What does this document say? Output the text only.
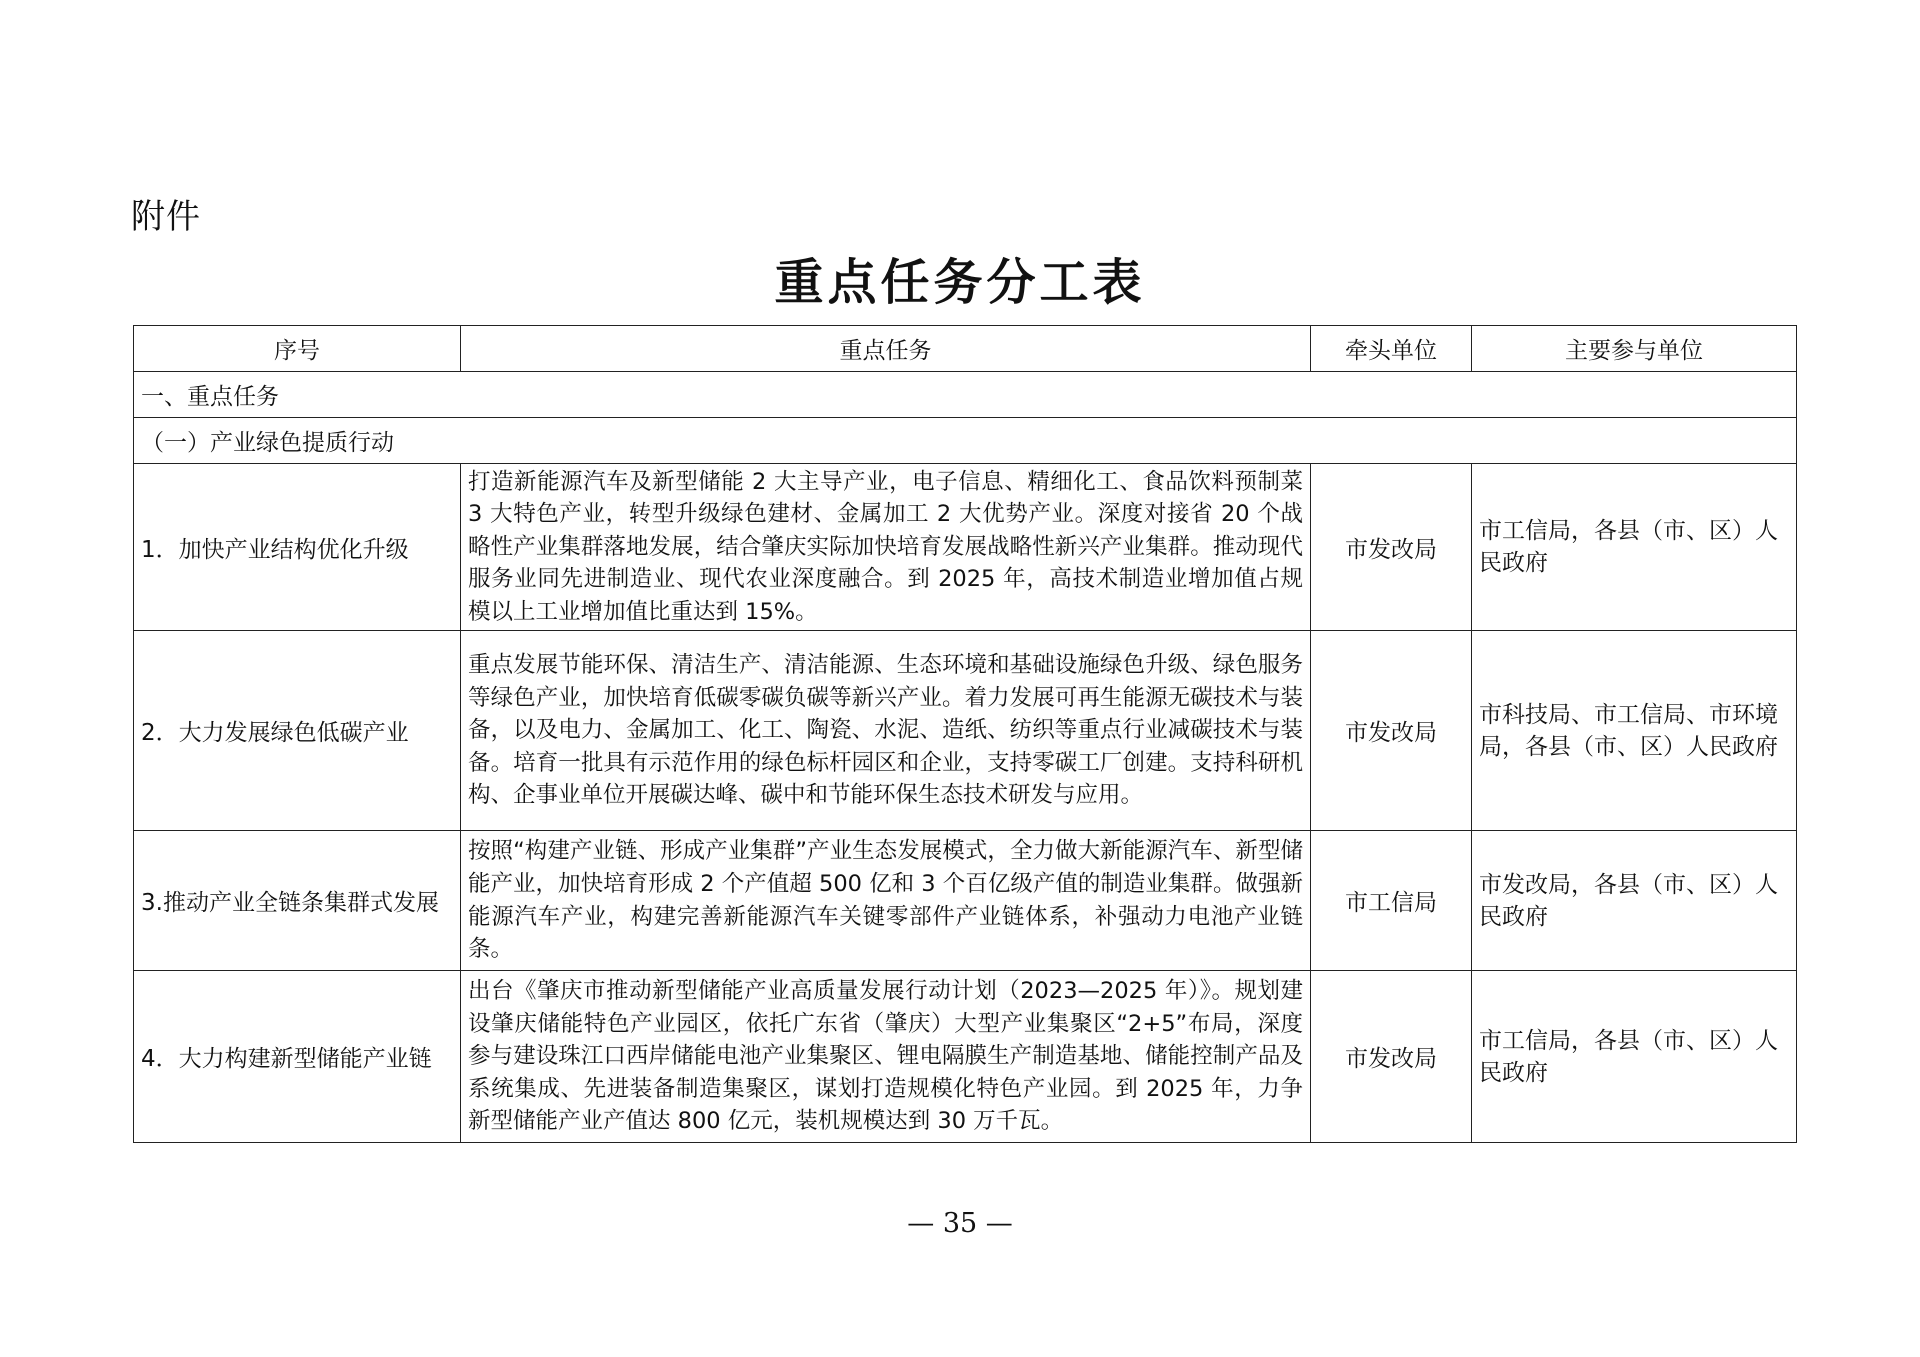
附件
重点任务分工表
序号	重点任务	牵头单位	主要参与单位
一、重点任务			
（一）产业绿色提质行动			
1．加快产业结构优化升级	打造新能源汽车及新型储能 2 大主导产业，电子信息、精细化工、食品饮料预制菜 3 大特色产业，转型升级绿色建材、金属加工 2 大优势产业。深度对接省 20 个战略性产业集群落地发展，结合肇庆实际加快培育发展战略性新兴产业集群。推动现代服务业同先进制造业、现代农业深度融合。到 2025 年，高技术制造业增加值占规模以上工业增加值比重达到 15%。	市发改局	市工信局，各县（市、区）人民政府
2．大力发展绿色低碳产业	重点发展节能环保、清洁生产、清洁能源、生态环境和基础设施绿色升级、绿色服务等绿色产业，加快培育低碳零碳负碳等新兴产业。着力发展可再生能源无碳技术与装备，以及电力、金属加工、化工、陶瓷、水泥、造纸、纺织等重点行业减碳技术与装备。培育一批具有示范作用的绿色标杆园区和企业，支持零碳工厂创建。支持科研机构、企事业单位开展碳达峰、碳中和节能环保生态技术研发与应用。	市发改局	市科技局、市工信局、市环境局，各县（市、区）人民政府
3.推动产业全链条集群式发展	按照“构建产业链、形成产业集群”产业生态发展模式，全力做大新能源汽车、新型储能产业，加快培育形成 2 个产值超 500 亿和 3 个百亿级产值的制造业集群。做强新能源汽车产业，构建完善新能源汽车关键零部件产业链体系，补强动力电池产业链条。	市工信局	市发改局，各县（市、区）人民政府
4．大力构建新型储能产业链	出台《肇庆市推动新型储能产业高质量发展行动计划（2023—2025 年）》。规划建设肇庆储能特色产业园区，依托广东省（肇庆）大型产业集聚区“2+5”布局，深度参与建设珠江口西岸储能电池产业集聚区、锂电隔膜生产制造基地、储能控制产品及系统集成、先进装备制造集聚区，谋划打造规模化特色产业园。到 2025 年，力争新型储能产业产值达 800 亿元，装机规模达到 30 万千瓦。	市发改局	市工信局，各县（市、区）人民政府
— 35 —
